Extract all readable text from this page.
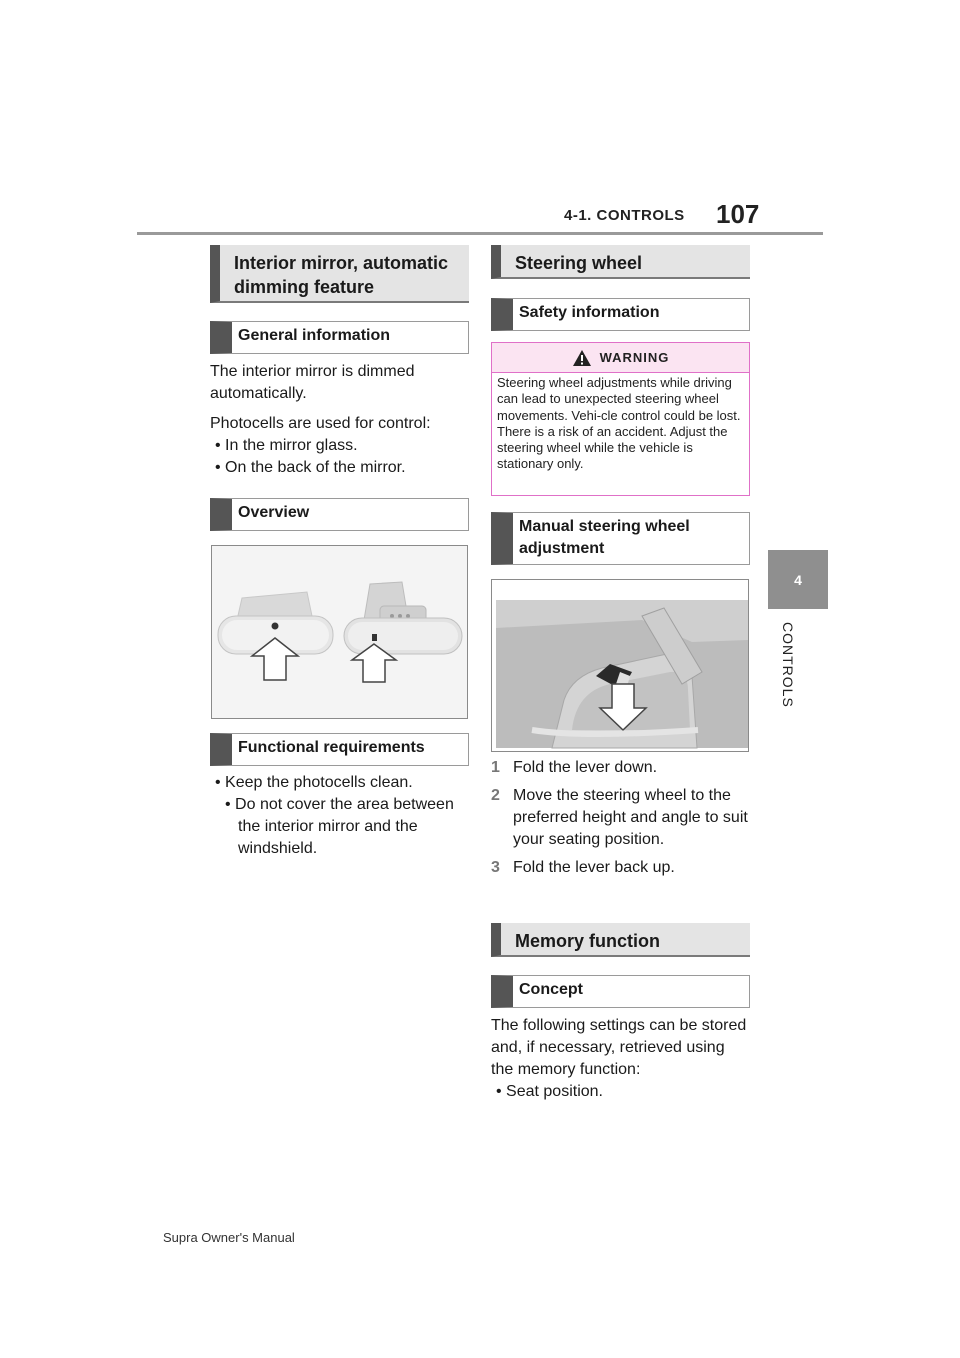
4-1. CONTROLS 107
4
CONTROLS
Interior mirror, automatic dimming feature
General information

The interior mirror is dimmed automatically.

Photocells are used for control:

• In the mirror glass.
• On the back of the mirror.
Overview
Functional requirements
• Keep the photocells clean.
• Do not cover the area between the interior mirror and the windshield.
Steering wheel
Safety information
WARNING
Steering wheel adjustments while driving can lead to unexpected steering wheel movements. Vehi-cle control could be lost. There is a risk of an accident. Adjust the steering wheel while the vehicle is stationary only.
Manual steering wheel adjustment
1 Fold the lever down.
2 Move the steering wheel to the preferred height and angle to suit your seating position.
3 Fold the lever back up.
Memory function
Concept

The following settings can be stored and, if necessary, retrieved using the memory function:

• Seat position.
Supra Owner's Manual
